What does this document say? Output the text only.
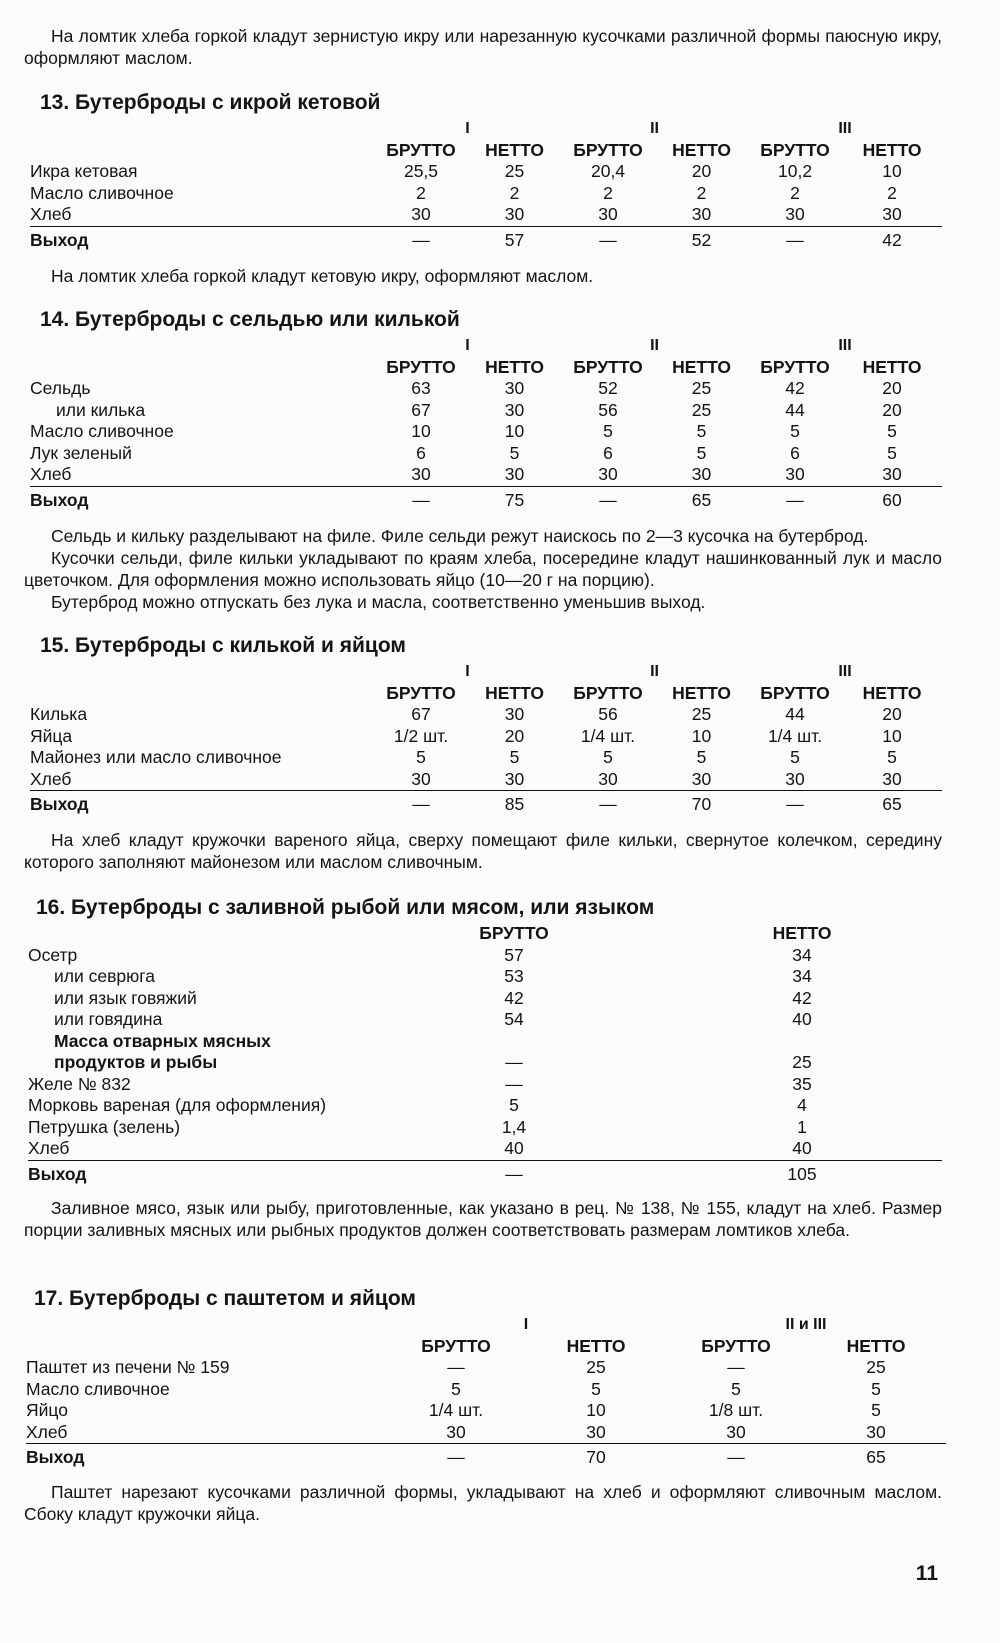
На ломтик хлеба горкой кладут зернистую икру или нарезанную кусочками различной формы паюсную икру, оформляют маслом.

13. Бутерброды с икрой кетовой
	I		II		III	
	БРУТТО	НЕТТО	БРУТТО	НЕТТО	БРУТТО	НЕТТО
Икра кетовая	25,5	25	20,4	20	10,2	10
Масло сливочное	2	2	2	2	2	2
Хлеб	30	30	30	30	30	30
Выход	—	57	—	52	—	42

На ломтик хлеба горкой кладут кетовую икру, оформляют маслом.

14. Бутерброды с сельдью или килькой
	I		II		III	
	БРУТТО	НЕТТО	БРУТТО	НЕТТО	БРУТТО	НЕТТО
Сельдь	63	30	52	25	42	20
или килька	67	30	56	25	44	20
Масло сливочное	10	10	5	5	5	5
Лук зеленый	6	5	6	5	6	5
Хлеб	30	30	30	30	30	30
Выход	—	75	—	65	—	60

Сельдь и кильку разделывают на филе. Филе сельди режут наискось по 2—3 кусочка на бутерброд.

Кусочки сельди, филе кильки укладывают по краям хлеба, посередине кладут нашинкованный лук и масло цветочком. Для оформления можно использовать яйцо (10—20 г на порцию).

Бутерброд можно отпускать без лука и масла, соответственно уменьшив выход.

15. Бутерброды с килькой и яйцом
	I		II		III	
	БРУТТО	НЕТТО	БРУТТО	НЕТТО	БРУТТО	НЕТТО
Килька	67	30	56	25	44	20
Яйца	1/2 шт.	20	1/4 шт.	10	1/4 шт.	10
Майонез или масло сливочное	5	5	5	5	5	5
Хлеб	30	30	30	30	30	30
Выход	—	85	—	70	—	65

На хлеб кладут кружочки вареного яйца, сверху помещают филе кильки, свернутое колечком, середину которого заполняют майонезом или маслом сливочным.

16. Бутерброды с заливной рыбой или мясом, или языком
	БРУТТО		НЕТТО	
Осетр	57		34	
или севрюга	53		34	
или язык говяжий	42		42	
или говядина	54		40	
Масса отварных мясных				
продуктов и рыбы	—		25	
Желе № 832	—		35	
Морковь вареная (для оформления)	5		4	
Петрушка (зелень)	1,4		1	
Хлеб	40		40	
Выход	—		105	

Заливное мясо, язык или рыбу, приготовленные, как указано в рец. № 138, № 155, кладут на хлеб. Размер порции заливных мясных или рыбных продуктов должен соответствовать размерам ломтиков хлеба.

17. Бутерброды с паштетом и яйцом
	I		II и III	
	БРУТТО	НЕТТО	БРУТТО	НЕТТО
Паштет из печени № 159	—	25	—	25
Масло сливочное	5	5	5	5
Яйцо	1/4 шт.	10	1/8 шт.	5
Хлеб	30	30	30	30
Выход	—	70	—	65

Паштет нарезают кусочками различной формы, укладывают на хлеб и оформляют сливочным маслом. Сбоку кладут кружочки яйца.

11
